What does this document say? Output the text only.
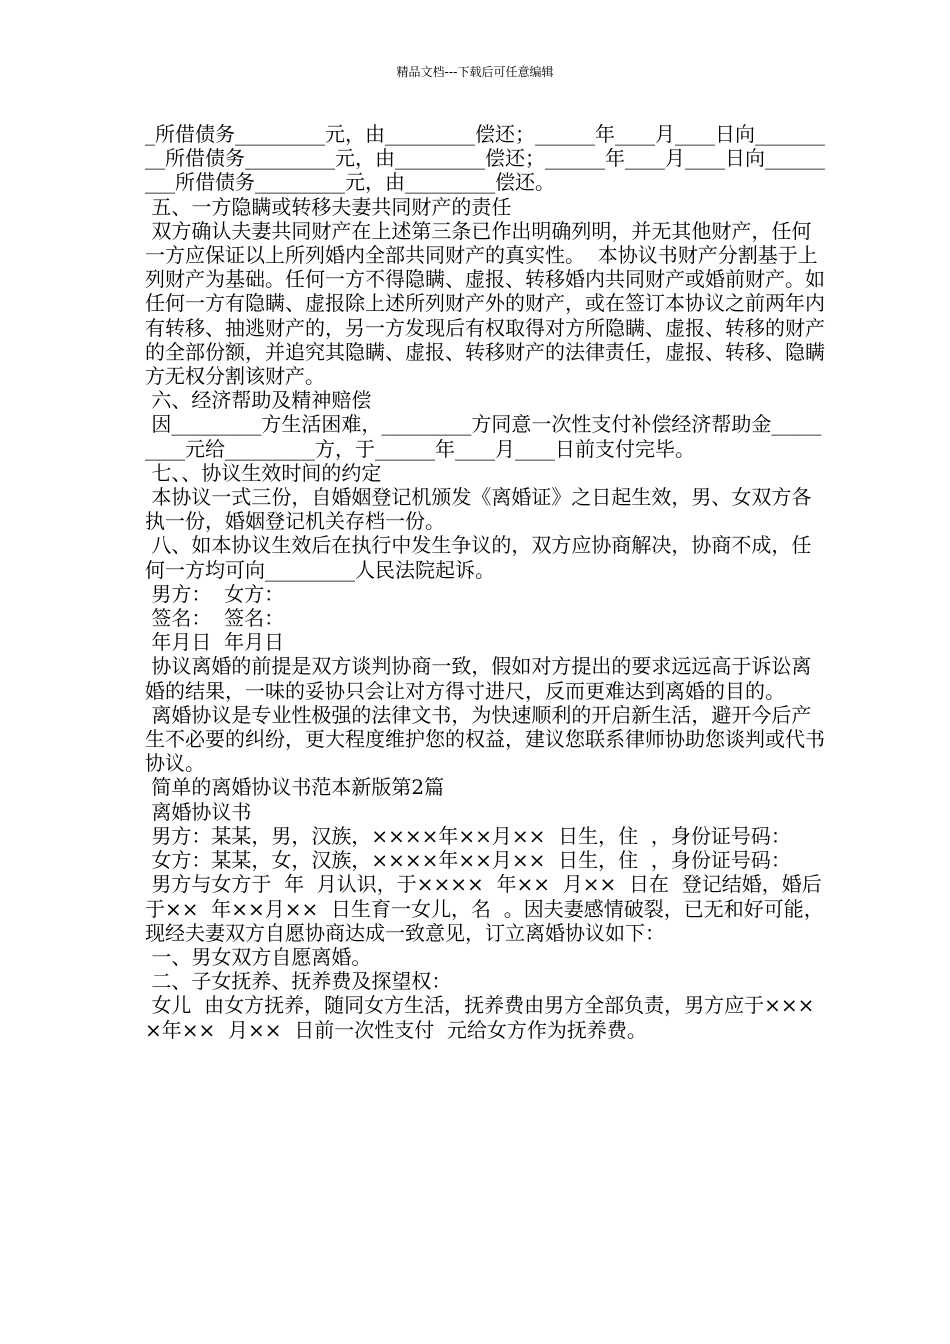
精品文档---下载后可任意编辑

_所借债务_________元，由_________偿还；______年____月____日向_________所借债务_________元，由_________偿还；______年____月____日向_________所借债务_________元，由_________偿还。

五、一方隐瞒或转移夫妻共同财产的责任

双方确认夫妻共同财产在上述第三条已作出明确列明，并无其他财产，任何一方应保证以上所列婚内全部共同财产的真实性。  本协议书财产分割基于上列财产为基础。任何一方不得隐瞒、虚报、转移婚内共同财产或婚前财产。如任何一方有隐瞒、虚报除上述所列财产外的财产，或在签订本协议之前两年内有转移、抽逃财产的，另一方发现后有权取得对方所隐瞒、虚报、转移的财产的全部份额，并追究其隐瞒、虚报、转移财产的法律责任，虚报、转移、隐瞒方无权分割该财产。

六、经济帮助及精神赔偿

因_________方生活困难，_________方同意一次性支付补偿经济帮助金_________元给_________方，于______年____月____日前支付完毕。

七、、协议生效时间的约定

本协议一式三份，自婚姻登记机颁发《离婚证》之日起生效，男、女双方各执一份，婚姻登记机关存档一份。

八、如本协议生效后在执行中发生争议的，双方应协商解决，协商不成，任何一方均可向_________人民法院起诉。

男方：  女方：

签名：  签名：

年月日  年月日

协议离婚的前提是双方谈判协商一致，假如对方提出的要求远远高于诉讼离婚的结果，一味的妥协只会让对方得寸进尺，反而更难达到离婚的目的。

离婚协议是专业性极强的法律文书，为快速顺利的开启新生活，避开今后产生不必要的纠纷，更大程度维护您的权益，建议您联系律师协助您谈判或代书协议。

简单的离婚协议书范本新版第2篇

离婚协议书

男方：某某，男，汉族，××××年××月××  日生，住  ，身份证号码：

女方：某某，女，汉族，××××年××月××  日生，住  ，身份证号码：

男方与女方于  年  月认识，于××××  年××  月××  日在  登记结婚，婚后于××  年××月××  日生育一女儿，名  。因夫妻感情破裂，已无和好可能，现经夫妻双方自愿协商达成一致意见，订立离婚协议如下：

一、男女双方自愿离婚。

二、子女抚养、抚养费及探望权：

女儿  由女方抚养，随同女方生活，抚养费由男方全部负责，男方应于××××年××  月××  日前一次性支付  元给女方作为抚养费。
